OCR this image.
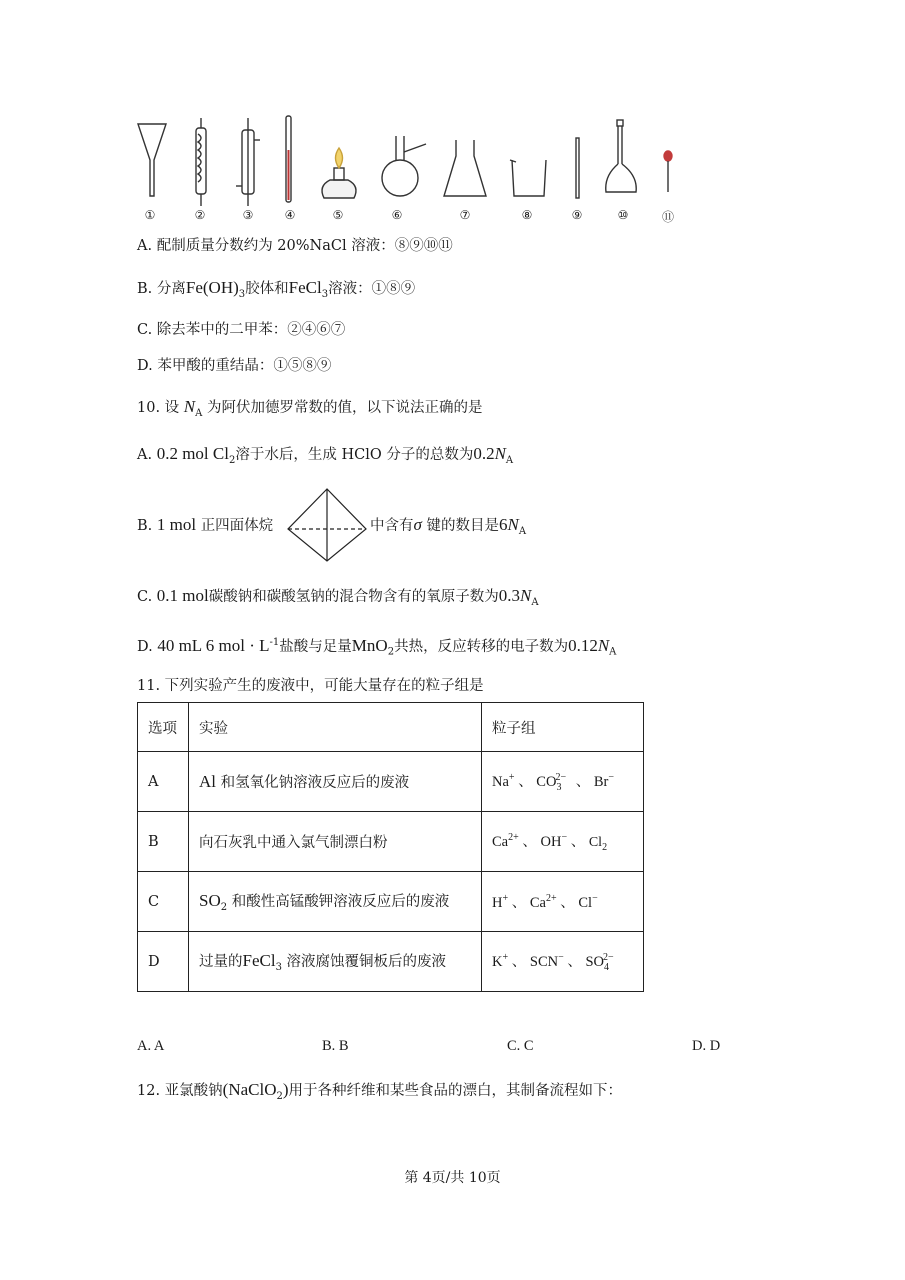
①	②	③	④	⑤	⑥	⑦	⑧	⑨	⑩	⑪
A. 配制质量分数约为 20%NaCl 溶液：⑧⑨⑩⑪
B. 分离$Fe(OH)_3$胶体和FeCl$_3$溶液：①⑧⑨
C. 除去苯中的二甲苯：②④⑥⑦
D. 苯甲酸的重结晶：①⑤⑧⑨
10. 设 $N_A$ 为阿伏加德罗常数的值，以下说法正确的是
A. 0.2 mol $Cl_2$溶于水后，生成 HClO 分子的总数为$0.2N_A$
B. 1 mol 正四面体烷	中含有σ 键的数目是$6N_A$
C. 0.1 mol碳酸钠和碳酸氢钠的混合物含有的氧原子数为$0.3N_A$
D. 40 mL 6 mol · $L^{-1}$盐酸与足量MnO$_2$共热，反应转移的电子数为$0.12N_A$
11. 下列实验产生的废液中，可能大量存在的粒子组是
选项	实验	粒子组
A	Al 和氢氧化钠溶液反应后的废液	Na+ 、 $CO_3^{2-}$ 、 Br−
B	向石灰乳中通入氯气制漂白粉	$Ca^{2+}$ 、 OH− 、 $Cl_2$
C	$SO_2$ 和酸性高锰酸钾溶液反应后的废液	H+ 、 $Ca^{2+}$ 、 Cl−
D	过量的FeCl$_3$ 溶液腐蚀覆铜板后的废液	K+ 、 SCN− 、 $SO_4^{2-}$
A. A	B. B	C. C	D. D
12. 亚氯酸钠(NaClO$_2$)用于各种纤维和某些食品的漂白，其制备流程如下：
第 4页/共 10页
